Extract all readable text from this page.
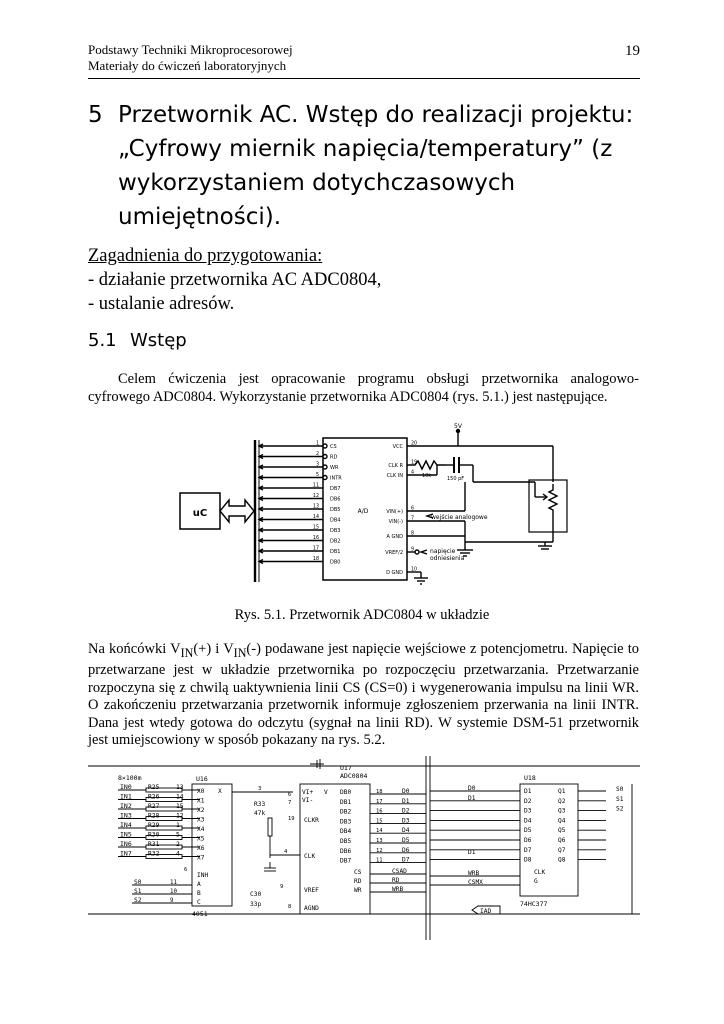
Podstawy Techniki Mikroprocesorowej
Materiały do ćwiczeń laboratoryjnych
19
5 Przetwornik AC. Wstęp do realizacji projektu: „Cyfrowy miernik napięcia/temperatury” (z wykorzystaniem dotychczasowych umiejętności).
Zagadnienia do przygotowania:
- działanie przetwornika AC ADC0804,
- ustalanie adresów.
5.1 Wstęp
Celem ćwiczenia jest opracowanie programu obsługi przetwornika analogowo-cyfrowego ADC0804. Wykorzystanie przetwornika ADC0804 (rys. 5.1.) jest następujące.
uC	A/D
1 CS
2 RD
3 WR
5 INTR
11 DB7
12 DB6
13 DB5
14 DB4
15 DB3
16 DB2
17 DB1
18 DB0
20
VCC
19
CLK R
4
CLK IN
6
VIN(+)
7
VIN(-)
8
A GND
9
VREF/2
10
D GND
5V
10k	150 pF
wejście analogowe
napięcie
odniesienia
Rys. 5.1. Przetwornik ADC0804 w układzie
Na końcówki $V_{IN}(+)$ i $V_{IN}(-)$ podawane jest napięcie wejściowe z potencjometru. Napięcie to przetwarzane jest w układzie przetwornika po rozpoczęciu przetwarzania. Przetwarzanie rozpoczyna się z chwilą uaktywnienia linii CS (CS=0) i wygenerowania impulsu na linii WR. O zakończeniu przetwarzania przetwornik informuje zgłoszeniem przerwania na linii INTR. Dana jest wtedy gotowa do odczytu (sygnał na linii RD). W systemie DSM-51 przetwornik jest umiejscowiony w sposób pokazany na rys. 5.2.
8×100m
IN0	R25	13
IN1	R26	14
IN2	R27	15
IN3	R28	12
IN4	R29	1
IN5	R30	5
IN6	R31	2
IN7	R32	4
U16
4051
X0
X1
X2
X3
X4
X5
X6
X7
X
INH
A
B
C
6
S0	11
S1	10
S2	9
3
R33
47k
C30
33p
4
9
U17
ADC0804
VI+
VI-
CLKR
CLK
VREF
AGND
V DB0
DB1
DB2
DB3
DB4
DB5
DB6
DB7
CS
RD
WR
6
7
19
8
18	D0
17	D1
16	D2
15	D3
14	D4
13	D5
12	D6
11	D7
CSAD
RD
WRB
U18
74HC377
D1	Q1
D2	Q2
D3	Q3
D4	Q4
D5	Q5
D6	Q6
D7	Q7
D8	Q8
D0
D1
D1
CLK
G
WRB
CSMX
S0
S1
S2
IAD
